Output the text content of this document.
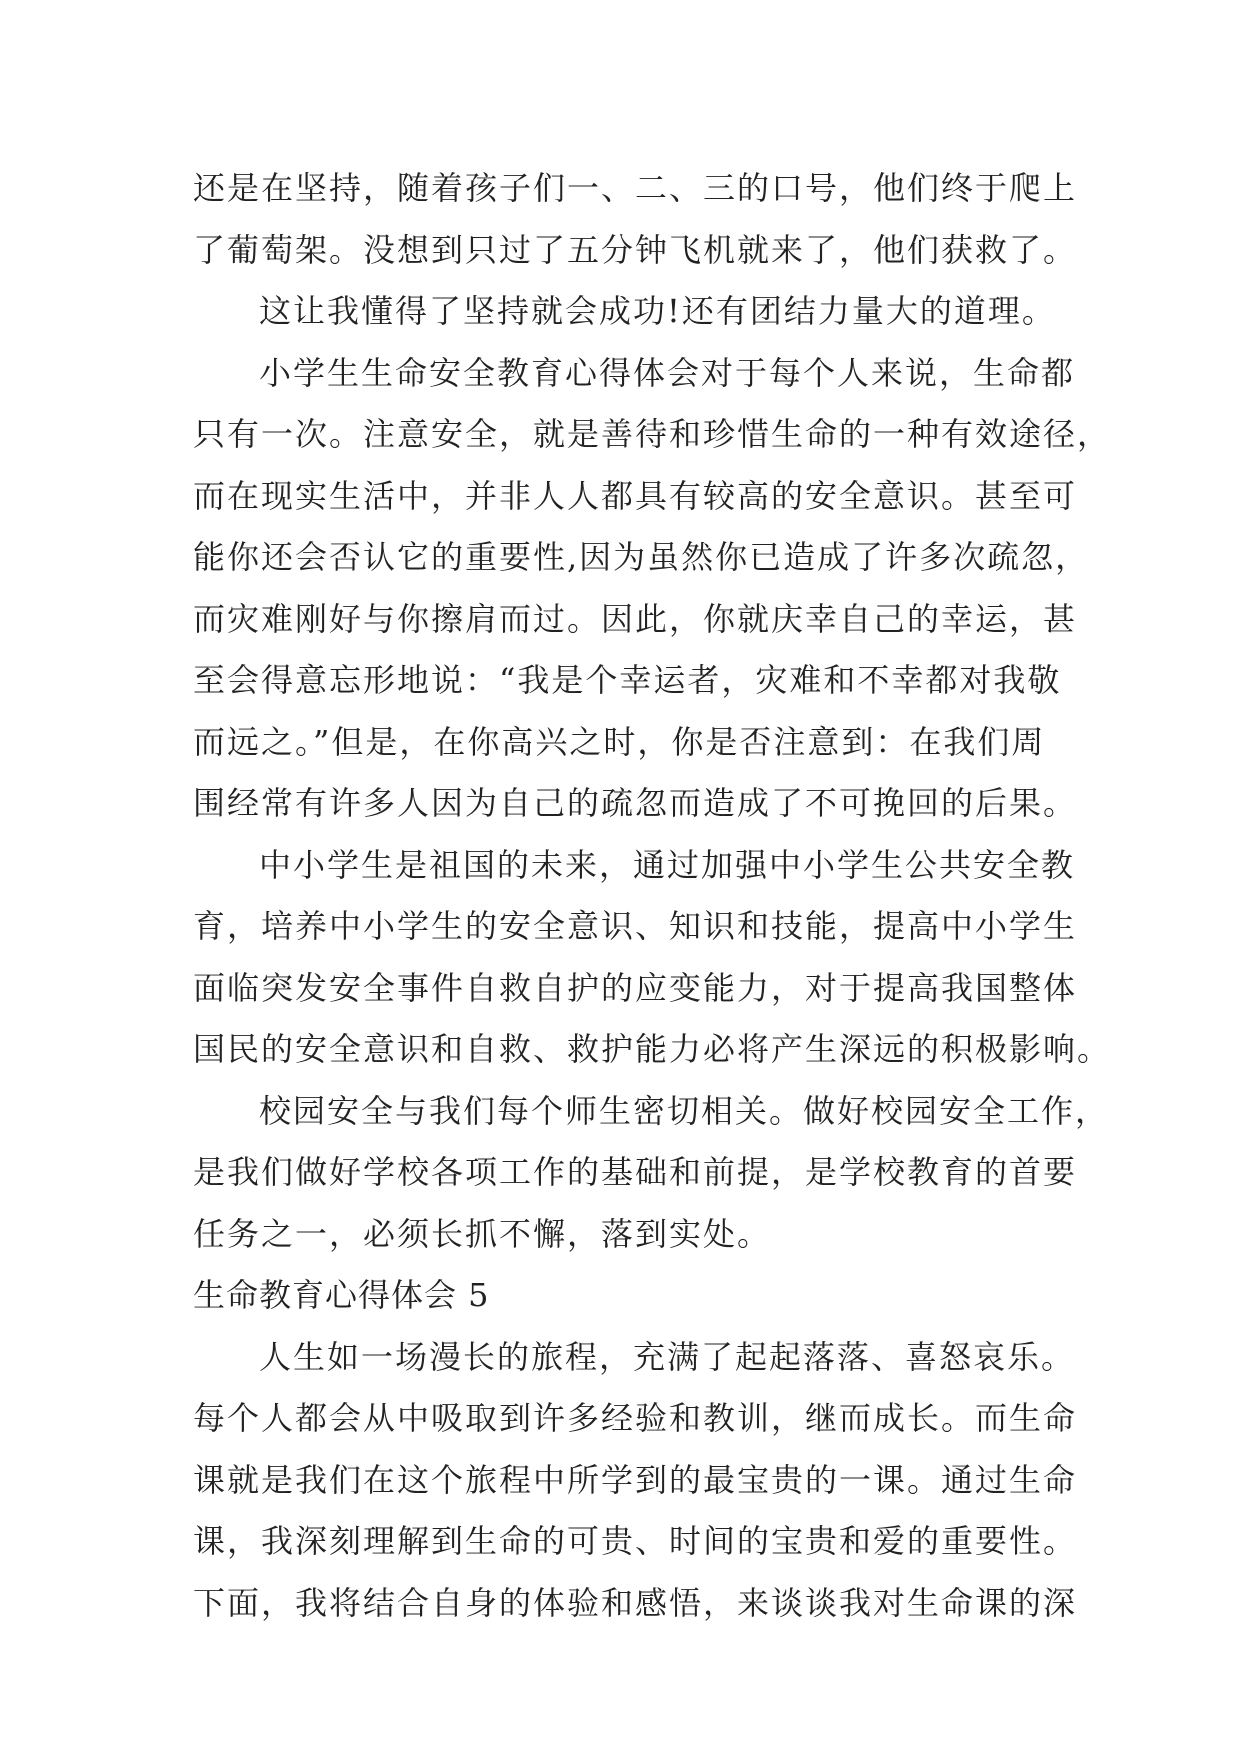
还是在坚持，随着孩子们一、二、三的口号，他们终于爬上
了葡萄架。没想到只过了五分钟飞机就来了，他们获救了。
这让我懂得了坚持就会成功!还有团结力量大的道理。
小学生生命安全教育心得体会对于每个人来说，生命都
只有一次。注意安全，就是善待和珍惜生命的一种有效途径，
而在现实生活中，并非人人都具有较高的安全意识。甚至可
能你还会否认它的重要性,因为虽然你已造成了许多次疏忽，
而灾难刚好与你擦肩而过。因此，你就庆幸自己的幸运，甚
至会得意忘形地说：“我是个幸运者，灾难和不幸都对我敬
而远之。”但是，在你高兴之时，你是否注意到：在我们周
围经常有许多人因为自己的疏忽而造成了不可挽回的后果。
中小学生是祖国的未来，通过加强中小学生公共安全教
育，培养中小学生的安全意识、知识和技能，提高中小学生
面临突发安全事件自救自护的应变能力，对于提高我国整体
国民的安全意识和自救、救护能力必将产生深远的积极影响。
校园安全与我们每个师生密切相关。做好校园安全工作，
是我们做好学校各项工作的基础和前提，是学校教育的首要
任务之一，必须长抓不懈，落到实处。
生命教育心得体会 5
人生如一场漫长的旅程，充满了起起落落、喜怒哀乐。
每个人都会从中吸取到许多经验和教训，继而成长。而生命
课就是我们在这个旅程中所学到的最宝贵的一课。通过生命
课，我深刻理解到生命的可贵、时间的宝贵和爱的重要性。
下面，我将结合自身的体验和感悟，来谈谈我对生命课的深
